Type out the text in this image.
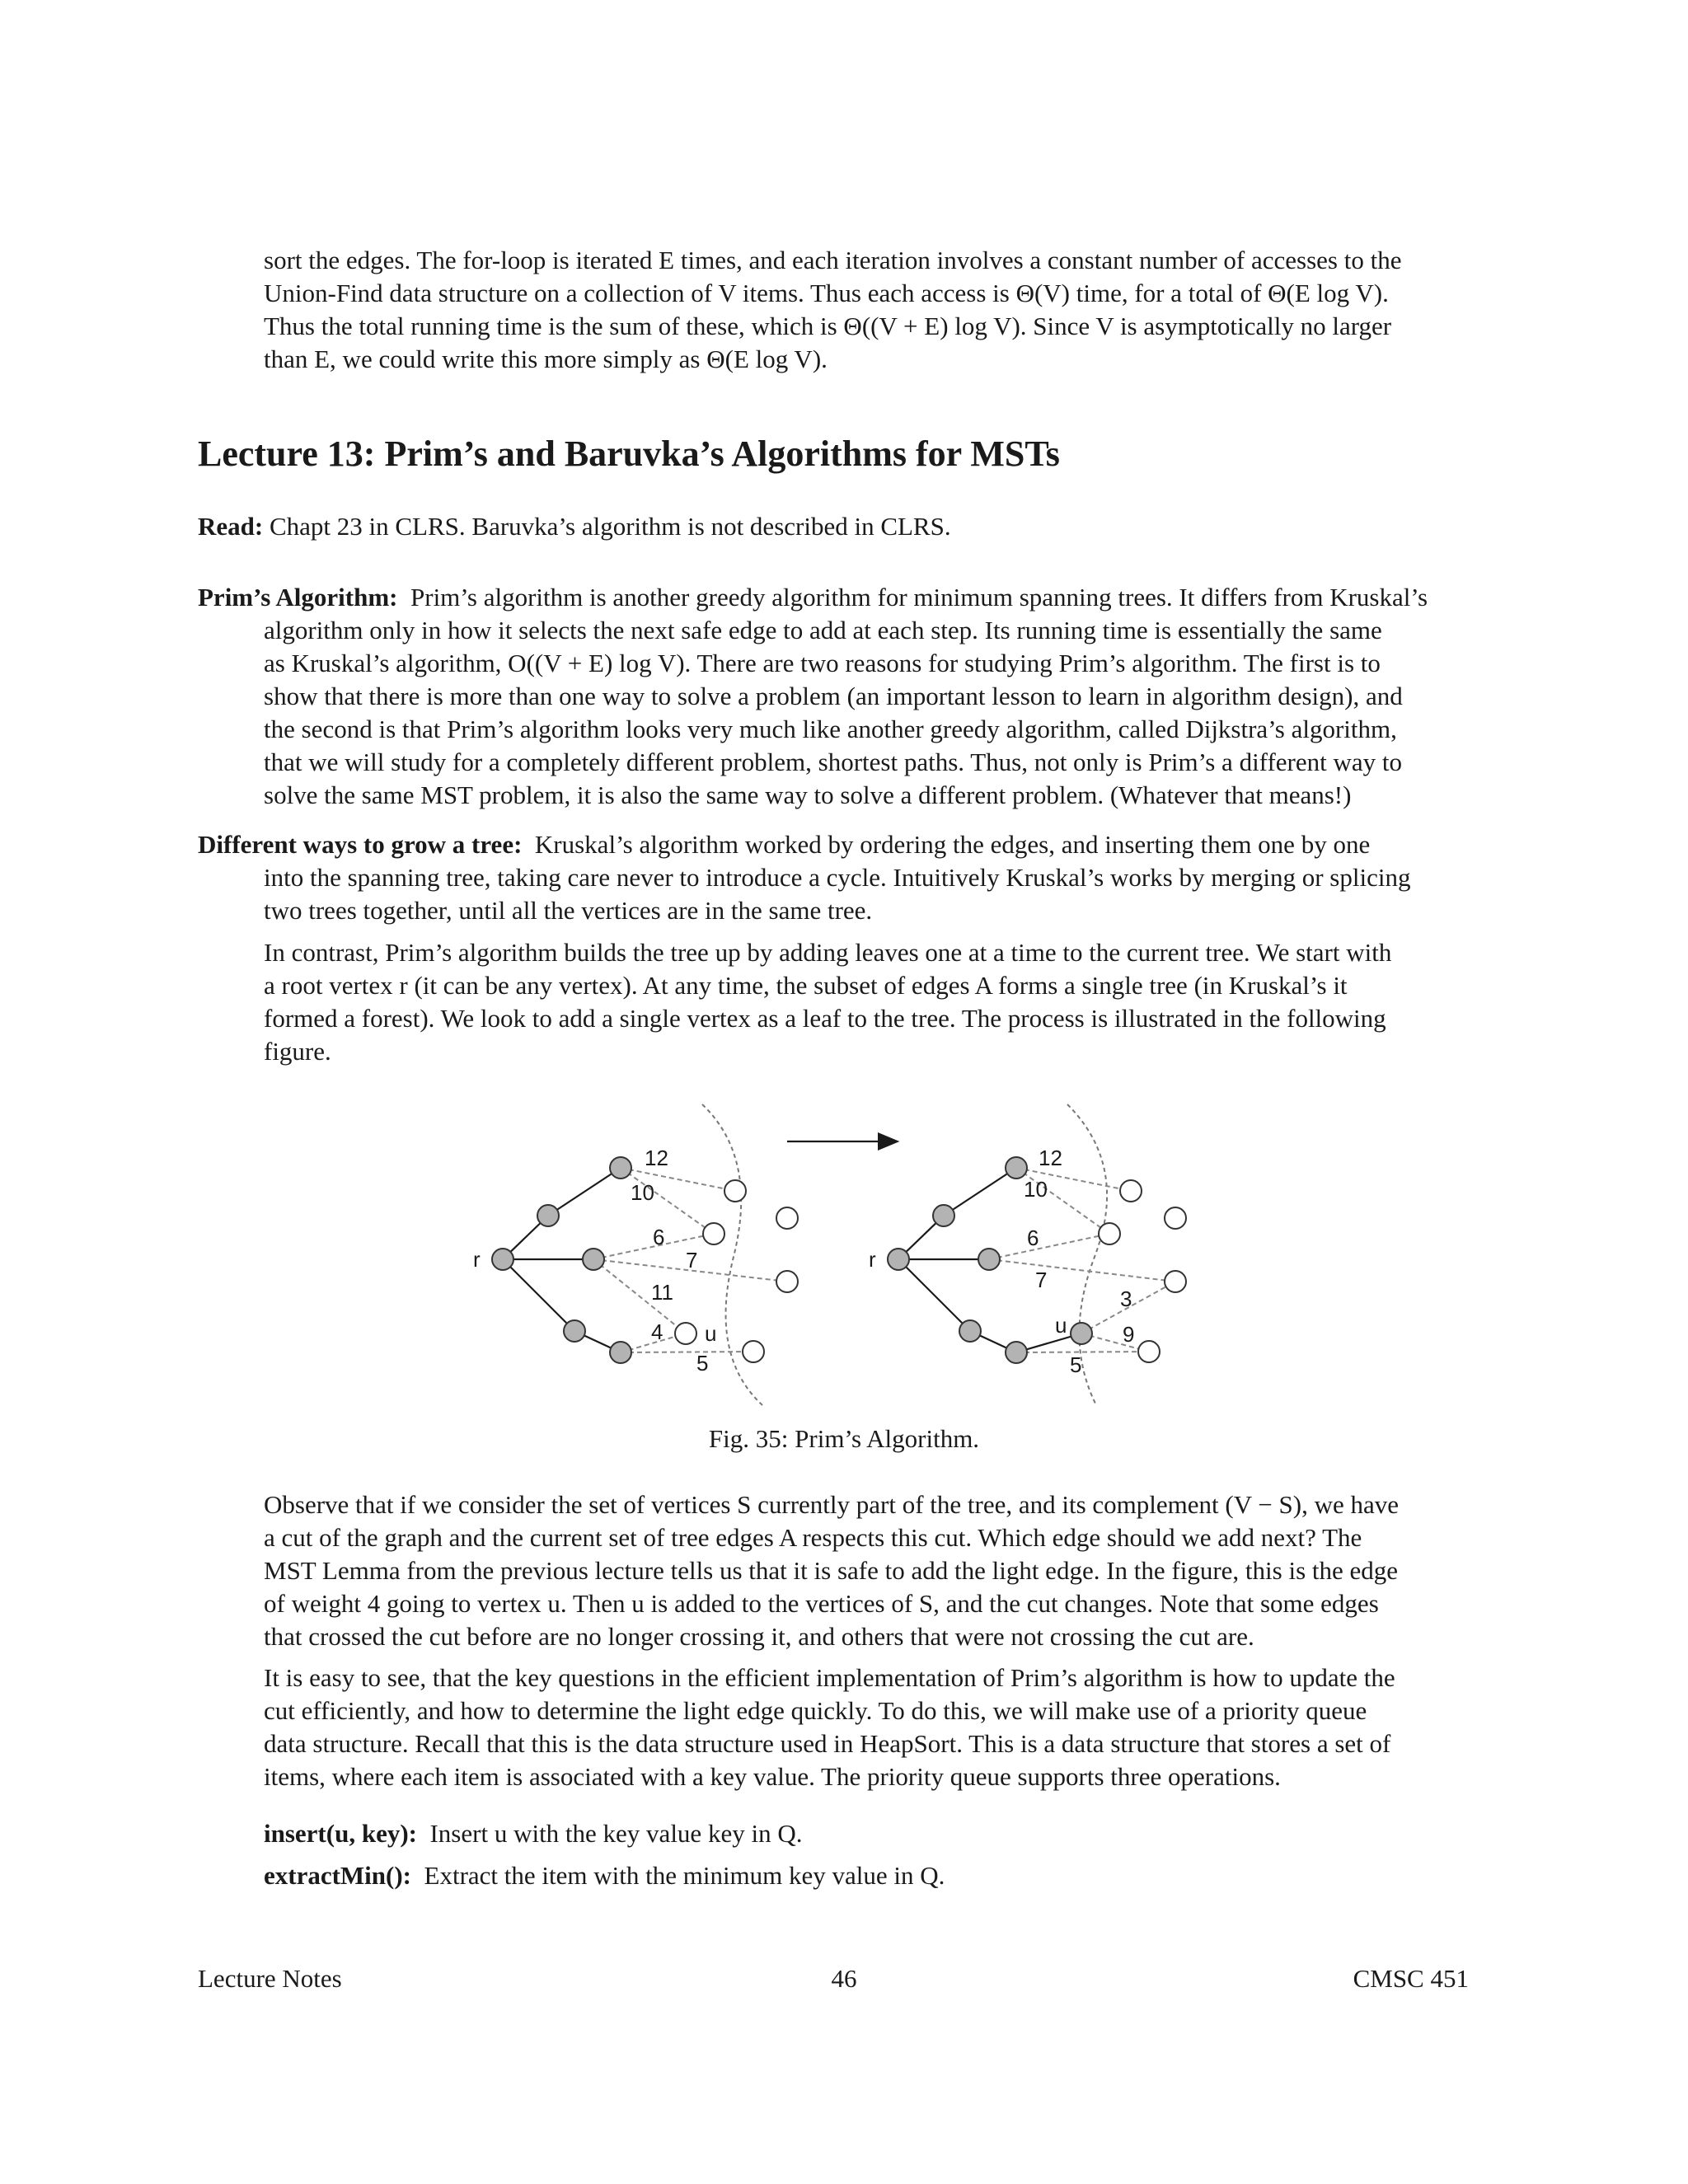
sort the edges. The for-loop is iterated E times, and each iteration involves a constant number of accesses to the
Union-Find data structure on a collection of V items. Thus each access is Θ(V) time, for a total of Θ(E log V).
Thus the total running time is the sum of these, which is Θ((V + E) log V). Since V is asymptotically no larger
than E, we could write this more simply as Θ(E log V).
Lecture 13: Prim’s and Baruvka’s Algorithms for MSTs
Read: Chapt 23 in CLRS. Baruvka’s algorithm is not described in CLRS.
Prim’s Algorithm: Prim’s algorithm is another greedy algorithm for minimum spanning trees. It differs from Kruskal’s
algorithm only in how it selects the next safe edge to add at each step. Its running time is essentially the same
as Kruskal’s algorithm, O((V + E) log V). There are two reasons for studying Prim’s algorithm. The first is to
show that there is more than one way to solve a problem (an important lesson to learn in algorithm design), and
the second is that Prim’s algorithm looks very much like another greedy algorithm, called Dijkstra’s algorithm,
that we will study for a completely different problem, shortest paths. Thus, not only is Prim’s a different way to
solve the same MST problem, it is also the same way to solve a different problem. (Whatever that means!)
Different ways to grow a tree: Kruskal’s algorithm worked by ordering the edges, and inserting them one by one
into the spanning tree, taking care never to introduce a cycle. Intuitively Kruskal’s works by merging or splicing
two trees together, until all the vertices are in the same tree.
In contrast, Prim’s algorithm builds the tree up by adding leaves one at a time to the current tree. We start with
a root vertex r (it can be any vertex). At any time, the subset of edges A forms a single tree (in Kruskal’s it
formed a forest). We look to add a single vertex as a leaf to the tree. The process is illustrated in the following
figure.
r
u
12
10
6
7
11
4
5
r
u
12
10
6
7
3
9
5
Fig. 35: Prim’s Algorithm.
Observe that if we consider the set of vertices S currently part of the tree, and its complement (V − S), we have
a cut of the graph and the current set of tree edges A respects this cut. Which edge should we add next? The
MST Lemma from the previous lecture tells us that it is safe to add the light edge. In the figure, this is the edge
of weight 4 going to vertex u. Then u is added to the vertices of S, and the cut changes. Note that some edges
that crossed the cut before are no longer crossing it, and others that were not crossing the cut are.
It is easy to see, that the key questions in the efficient implementation of Prim’s algorithm is how to update the
cut efficiently, and how to determine the light edge quickly. To do this, we will make use of a priority queue
data structure. Recall that this is the data structure used in HeapSort. This is a data structure that stores a set of
items, where each item is associated with a key value. The priority queue supports three operations.
insert(u, key): Insert u with the key value key in Q.
extractMin(): Extract the item with the minimum key value in Q.
Lecture Notes	46	CMSC 451
